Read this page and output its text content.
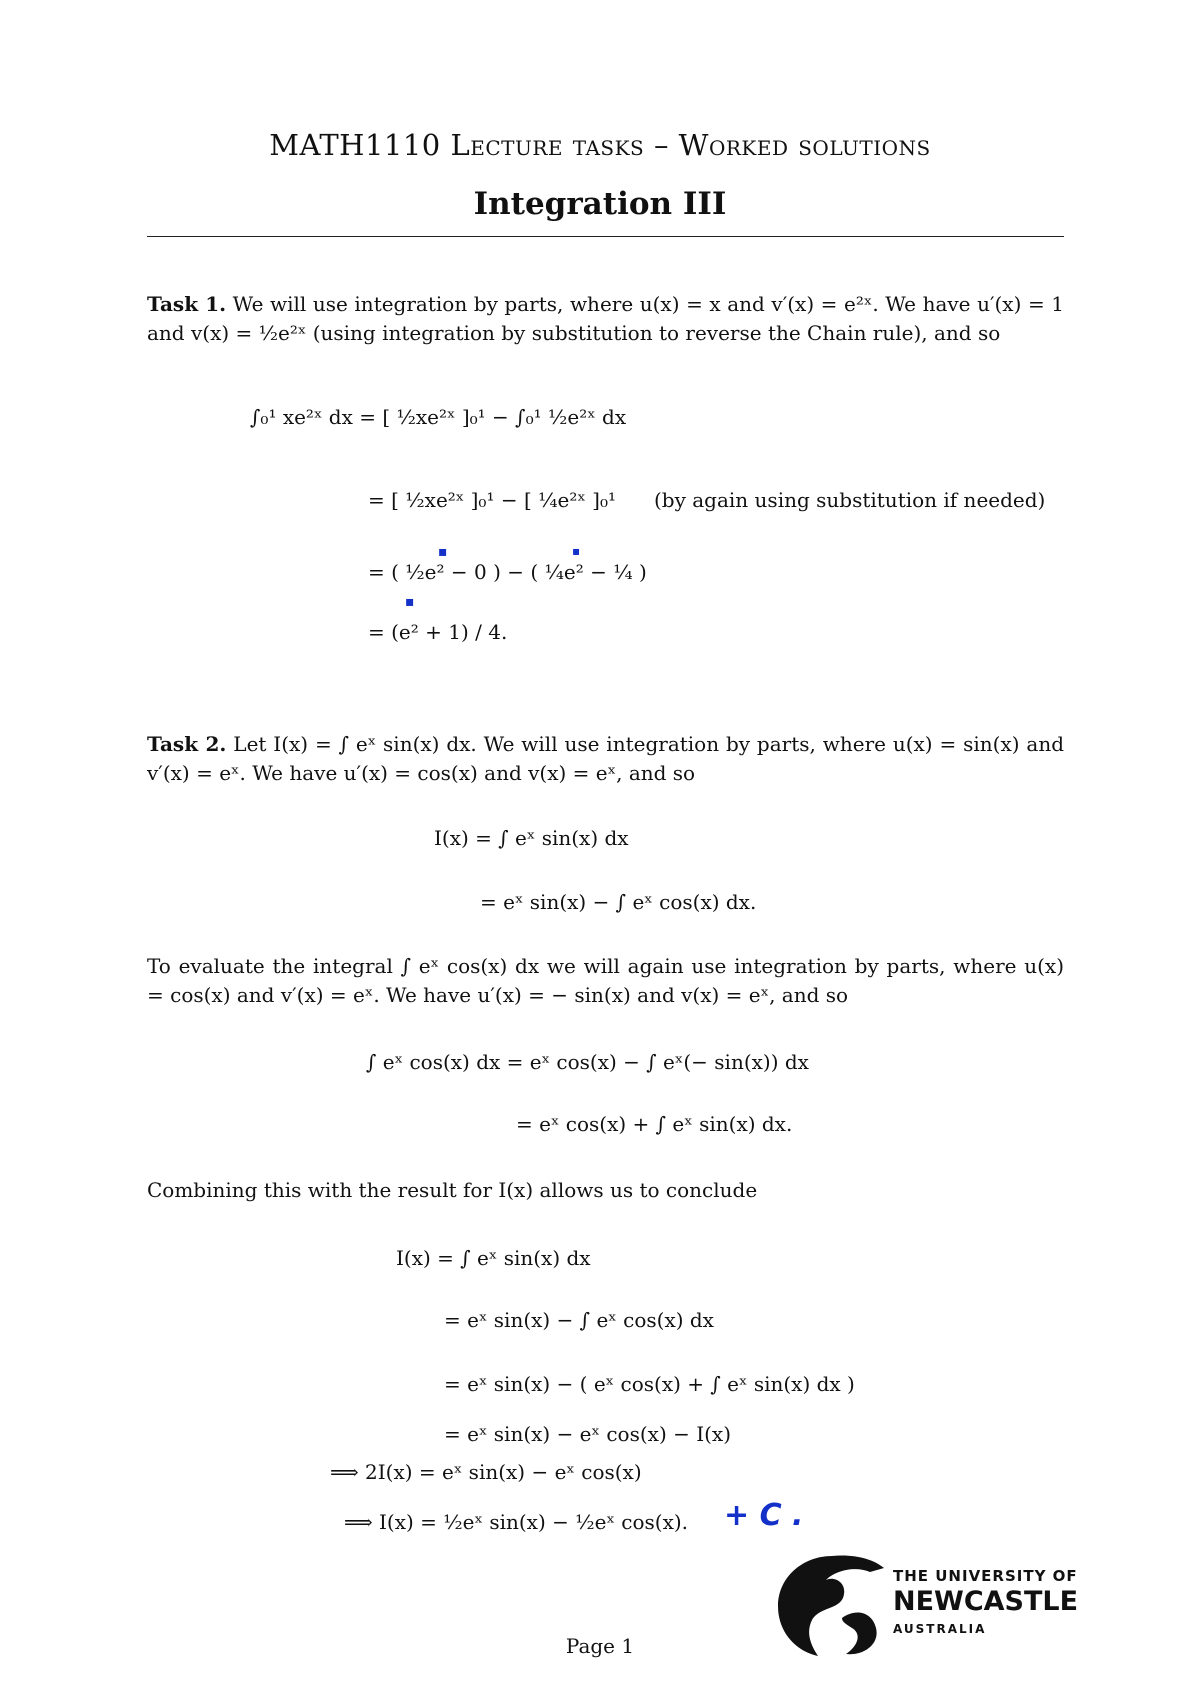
MATH1110 Lecture tasks – Worked solutions
Integration III
Task 1. We will use integration by parts, where u(x) = x and v′(x) = e²ˣ. We have u′(x) = 1 and v(x) = ½e²ˣ (using integration by substitution to reverse the Chain rule), and so
∫₀¹ xe²ˣ dx = [ ½xe²ˣ ]₀¹ − ∫₀¹ ½e²ˣ dx
= [ ½xe²ˣ ]₀¹ − [ ¼e²ˣ ]₀¹ (by again using substitution if needed)
= ( ½e² − 0 ) − ( ¼e² − ¼ )
= (e² + 1) / 4.
▪	▪
▪
Task 2. Let I(x) = ∫ eˣ sin(x) dx. We will use integration by parts, where u(x) = sin(x) and v′(x) = eˣ. We have u′(x) = cos(x) and v(x) = eˣ, and so
I(x) = ∫ eˣ sin(x) dx
= eˣ sin(x) − ∫ eˣ cos(x) dx.
To evaluate the integral ∫ eˣ cos(x) dx we will again use integration by parts, where u(x) = cos(x) and v′(x) = eˣ. We have u′(x) = − sin(x) and v(x) = eˣ, and so
∫ eˣ cos(x) dx = eˣ cos(x) − ∫ eˣ(− sin(x)) dx
= eˣ cos(x) + ∫ eˣ sin(x) dx.
Combining this with the result for I(x) allows us to conclude
I(x) = ∫ eˣ sin(x) dx
= eˣ sin(x) − ∫ eˣ cos(x) dx
= eˣ sin(x) − ( eˣ cos(x) + ∫ eˣ sin(x) dx )
= eˣ sin(x) − eˣ cos(x) − I(x)
⟹ 2I(x) = eˣ sin(x) − eˣ cos(x)
⟹ I(x) = ½eˣ sin(x) − ½eˣ cos(x). + C .
THE UNIVERSITY OF
NEWCASTLE
AUSTRALIA
Page 1
